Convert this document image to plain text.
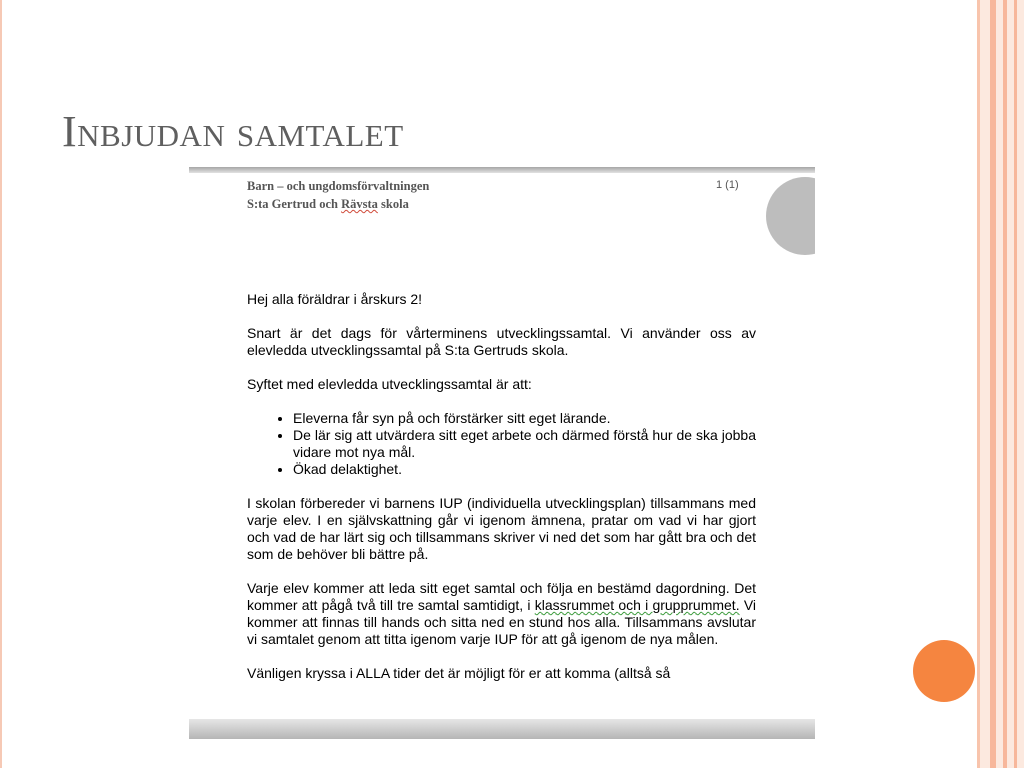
Inbjudan samtalet
Barn – och ungdomsförvaltningen
S:ta Gertrud och Rävsta skola
1 (1)

Hej alla föräldrar i årskurs 2!

Snart är det dags för vårterminens utvecklingssamtal. Vi använder oss av elevledda utvecklingssamtal på S:ta Gertruds skola.

Syftet med elevledda utvecklingssamtal är att:

• Eleverna får syn på och förstärker sitt eget lärande.
• De lär sig att utvärdera sitt eget arbete och därmed förstå hur de ska jobba vidare mot nya mål.
• Ökad delaktighet.

I skolan förbereder vi barnens IUP (individuella utvecklingsplan) tillsammans med varje elev. I en självskattning går vi igenom ämnena, pratar om vad vi har gjort och vad de har lärt sig och tillsammans skriver vi ned det som har gått bra och det som de behöver bli bättre på.

Varje elev kommer att leda sitt eget samtal och följa en bestämd dagordning. Det kommer att pågå två till tre samtal samtidigt, i klassrummet och i grupprummet. Vi kommer att finnas till hands och sitta ned en stund hos alla. Tillsammans avslutar vi samtalet genom att titta igenom varje IUP för att gå igenom de nya målen.

Vänligen kryssa i ALLA tider det är möjligt för er att komma (alltså så
